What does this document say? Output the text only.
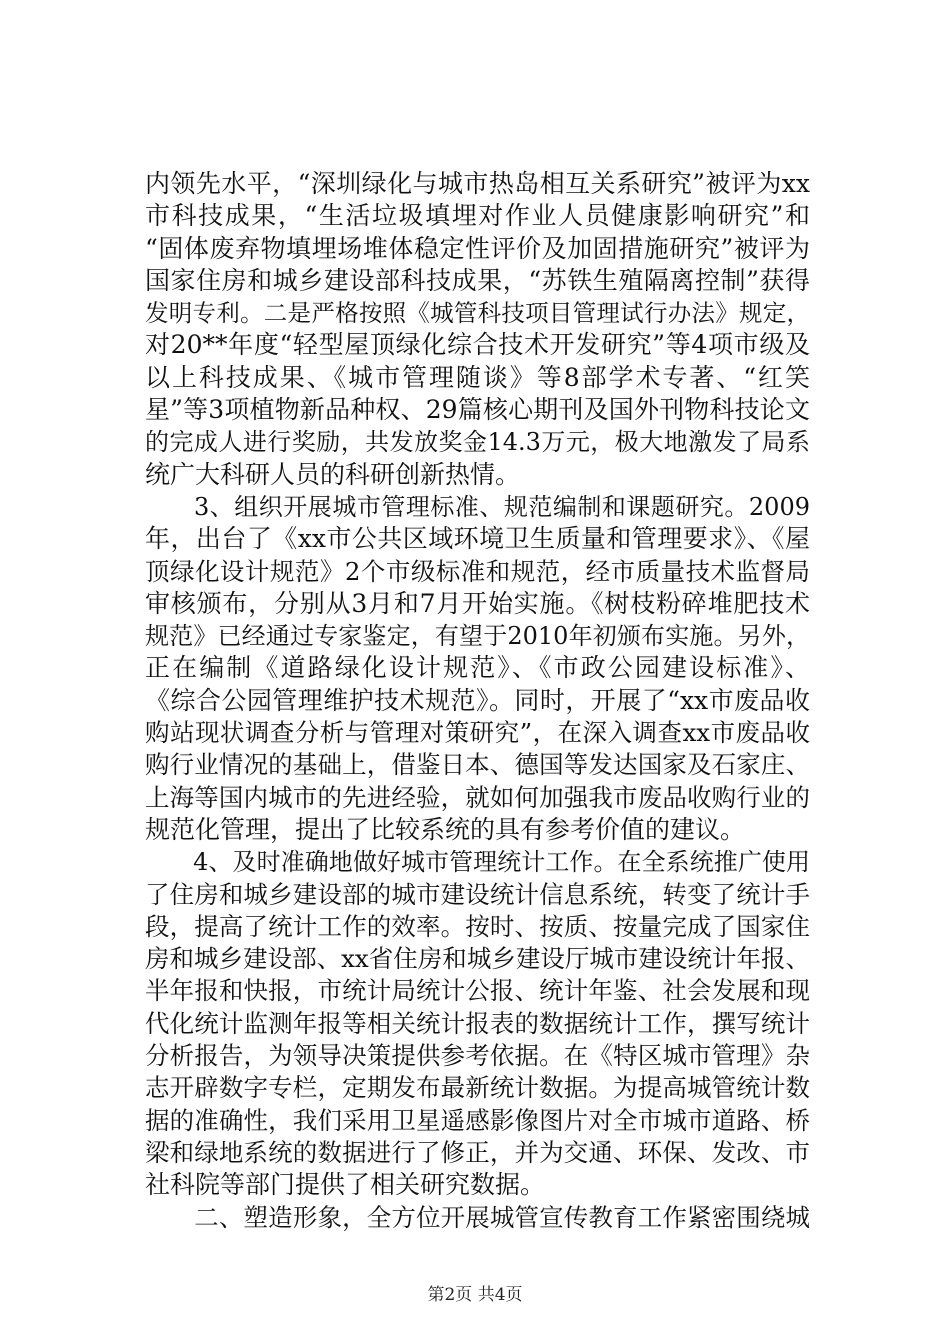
内领先水平，“深圳绿化与城市热岛相互关系研究”被评为xx
市科技成果，“生活垃圾填埋对作业人员健康影响研究”和
“固体废弃物填埋场堆体稳定性评价及加固措施研究”被评为
国家住房和城乡建设部科技成果，“苏铁生殖隔离控制”获得
发明专利。二是严格按照《城管科技项目管理试行办法》规定，
对20**年度“轻型屋顶绿化综合技术开发研究”等4项市级及
以上科技成果、《城市管理随谈》等8部学术专著、“红笑
星”等3项植物新品种权、29篇核心期刊及国外刊物科技论文
的完成人进行奖励，共发放奖金14.3万元，极大地激发了局系
统广大科研人员的科研创新热情。
　　3、组织开展城市管理标准、规范编制和课题研究。2009
年，出台了《xx市公共区域环境卫生质量和管理要求》、《屋
顶绿化设计规范》2个市级标准和规范，经市质量技术监督局
审核颁布，分别从3月和7月开始实施。《树枝粉碎堆肥技术
规范》已经通过专家鉴定，有望于2010年初颁布实施。另外，
正在编制《道路绿化设计规范》、《市政公园建设标准》、
《综合公园管理维护技术规范》。同时，开展了“xx市废品收
购站现状调查分析与管理对策研究”，在深入调查xx市废品收
购行业情况的基础上，借鉴日本、德国等发达国家及石家庄、
上海等国内城市的先进经验，就如何加强我市废品收购行业的
规范化管理，提出了比较系统的具有参考价值的建议。
　　4、及时准确地做好城市管理统计工作。在全系统推广使用
了住房和城乡建设部的城市建设统计信息系统，转变了统计手
段，提高了统计工作的效率。按时、按质、按量完成了国家住
房和城乡建设部、xx省住房和城乡建设厅城市建设统计年报、
半年报和快报，市统计局统计公报、统计年鉴、社会发展和现
代化统计监测年报等相关统计报表的数据统计工作，撰写统计
分析报告，为领导决策提供参考依据。在《特区城市管理》杂
志开辟数字专栏，定期发布最新统计数据。为提高城管统计数
据的准确性，我们采用卫星遥感影像图片对全市城市道路、桥
梁和绿地系统的数据进行了修正，并为交通、环保、发改、市
社科院等部门提供了相关研究数据。
　　二、塑造形象，全方位开展城管宣传教育工作紧密围绕城
第2页 共4页
